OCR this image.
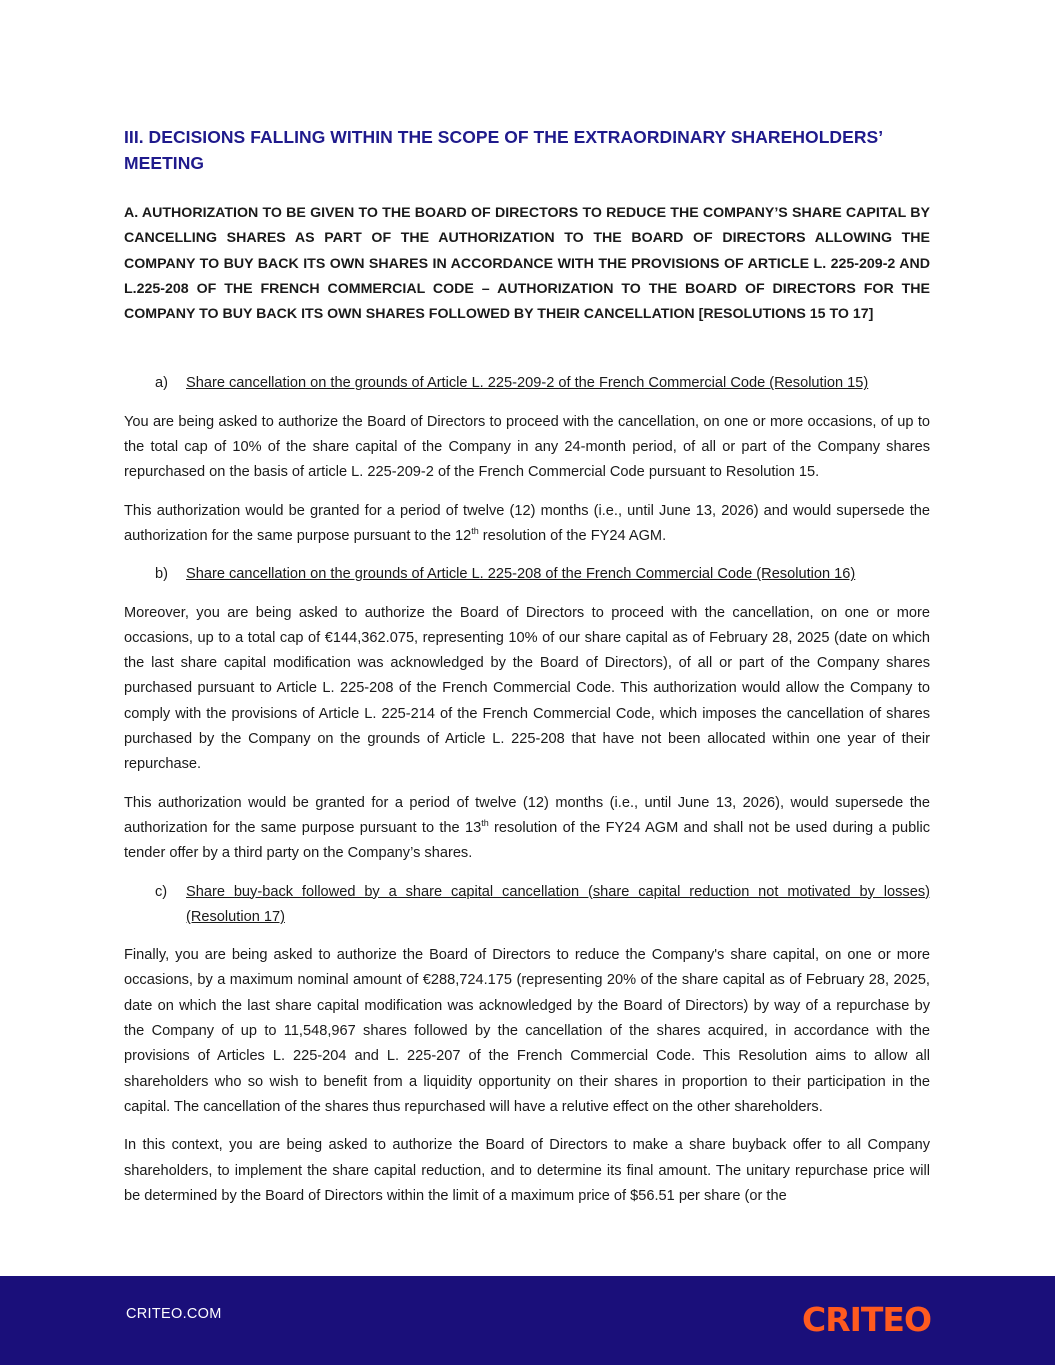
III. DECISIONS FALLING WITHIN THE SCOPE OF THE EXTRAORDINARY SHAREHOLDERS’ MEETING
A. AUTHORIZATION TO BE GIVEN TO THE BOARD OF DIRECTORS TO REDUCE THE COMPANY’S SHARE CAPITAL BY CANCELLING SHARES AS PART OF THE AUTHORIZATION TO THE BOARD OF DIRECTORS ALLOWING THE COMPANY TO BUY BACK ITS OWN SHARES IN ACCORDANCE WITH THE PROVISIONS OF ARTICLE L. 225-209-2 AND L.225-208 OF THE FRENCH COMMERCIAL CODE – AUTHORIZATION TO THE BOARD OF DIRECTORS FOR THE COMPANY TO BUY BACK ITS OWN SHARES FOLLOWED BY THEIR CANCELLATION [RESOLUTIONS 15 TO 17]
a) Share cancellation on the grounds of Article L. 225-209-2 of the French Commercial Code (Resolution 15)

You are being asked to authorize the Board of Directors to proceed with the cancellation, on one or more occasions, of up to the total cap of 10% of the share capital of the Company in any 24-month period, of all or part of the Company shares repurchased on the basis of article L. 225-209-2 of the French Commercial Code pursuant to Resolution 15.

This authorization would be granted for a period of twelve (12) months (i.e., until June 13, 2026) and would supersede the authorization for the same purpose pursuant to the 12th resolution of the FY24 AGM.

b) Share cancellation on the grounds of Article L. 225-208 of the French Commercial Code (Resolution 16)

Moreover, you are being asked to authorize the Board of Directors to proceed with the cancellation, on one or more occasions, up to a total cap of €144,362.075, representing 10% of our share capital as of February 28, 2025 (date on which the last share capital modification was acknowledged by the Board of Directors), of all or part of the Company shares purchased pursuant to Article L. 225-208 of the French Commercial Code. This authorization would allow the Company to comply with the provisions of Article L. 225-214 of the French Commercial Code, which imposes the cancellation of shares purchased by the Company on the grounds of Article L. 225-208 that have not been allocated within one year of their repurchase.

This authorization would be granted for a period of twelve (12) months (i.e., until June 13, 2026), would supersede the authorization for the same purpose pursuant to the 13th resolution of the FY24 AGM and shall not be used during a public tender offer by a third party on the Company’s shares.

c) Share buy-back followed by a share capital cancellation (share capital reduction not motivated by losses) (Resolution 17)

Finally, you are being asked to authorize the Board of Directors to reduce the Company's share capital, on one or more occasions, by a maximum nominal amount of €288,724.175 (representing 20% of the share capital as of February 28, 2025, date on which the last share capital modification was acknowledged by the Board of Directors) by way of a repurchase by the Company of up to 11,548,967 shares followed by the cancellation of the shares acquired, in accordance with the provisions of Articles L. 225-204 and L. 225-207 of the French Commercial Code. This Resolution aims to allow all shareholders who so wish to benefit from a liquidity opportunity on their shares in proportion to their participation in the capital. The cancellation of the shares thus repurchased will have a relutive effect on the other shareholders.

In this context, you are being asked to authorize the Board of Directors to make a share buyback offer to all Company shareholders, to implement the share capital reduction, and to determine its final amount. The unitary repurchase price will be determined by the Board of Directors within the limit of a maximum price of $56.51 per share (or the

CRITEO.COM	CRITEO
